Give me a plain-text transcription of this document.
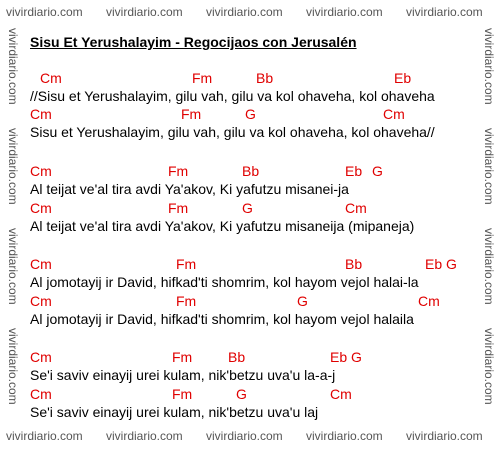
vivirdiario.com vivirdiario.com vivirdiario.com vivirdiario.com vivirdiario.com
vivirdiario.com vivirdiario.com vivirdiario.com vivirdiario.com vivirdiario.com
vivirdiario.com
vivirdiario.com
vivirdiario.com
vivirdiario.com
vivirdiario.com
vivirdiario.com
vivirdiario.com
vivirdiario.com
Sisu Et Yerushalayim - Regocijaos con Jerusalén
Cm	Fm	Bb	Eb
//Sisu et Yerushalayim, gilu vah, gilu va kol ohaveha, kol ohaveha
Cm	Fm	G	Cm
Sisu et Yerushalayim, gilu vah, gilu va kol ohaveha, kol ohaveha//
Cm	Fm	Bb	Eb G
Al teijat ve'al tira avdi Ya'akov, Ki yafutzu misanei-ja
Cm	Fm	G	Cm
Al teijat ve'al tira avdi Ya'akov, Ki yafutzu misaneija (mipaneja)
Cm	Fm	Bb	Eb G
Al jomotayij ir David, hifkad'ti shomrim, kol hayom vejol halai-la
Cm	Fm	G	Cm
Al jomotayij ir David, hifkad'ti shomrim, kol hayom vejol halaila
Cm	Fm	Bb	Eb G
Se'i saviv einayij urei kulam, nik'betzu uva'u la-a-j
Cm	Fm	G	Cm
Se'i saviv einayij urei kulam, nik'betzu uva'u laj
